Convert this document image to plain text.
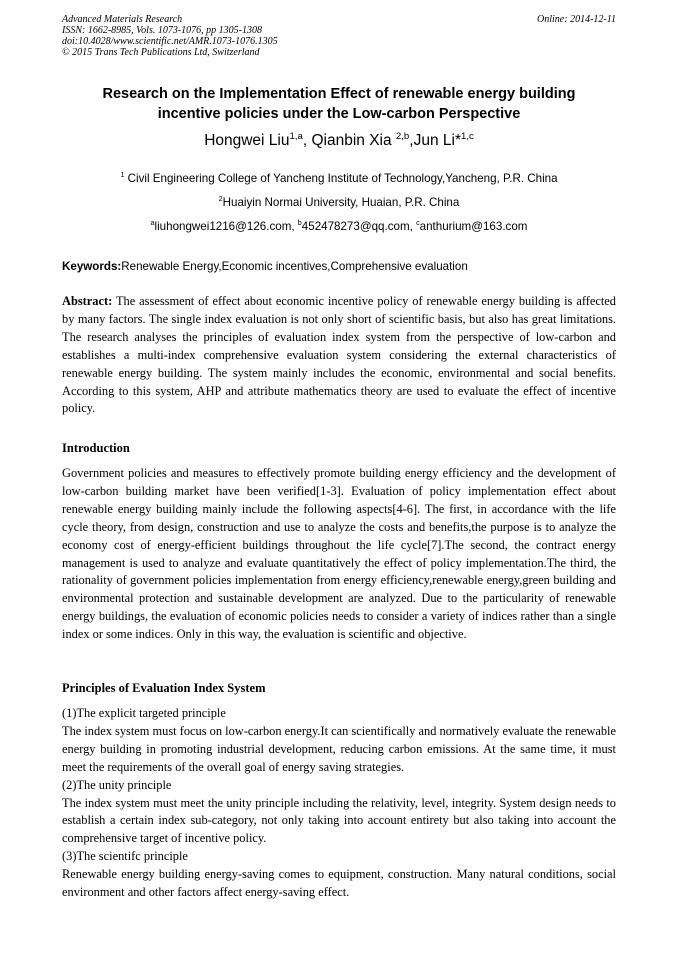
Advanced Materials Research
ISSN: 1662-8985, Vols. 1073-1076, pp 1305-1308
doi:10.4028/www.scientific.net/AMR.1073-1076.1305
© 2015 Trans Tech Publications Ltd, Switzerland
Online: 2014-12-11
Research on the Implementation Effect of renewable energy building
incentive policies under the Low-carbon Perspective
Hongwei Liu$^{1,a}$, Qianbin Xia $^{2,b}$,Jun Li*$^{1,c}$
$^1$ Civil Engineering College of Yancheng Institute of Technology,Yancheng, P.R. China
$^2$Huaiyin Normai University, Huaian, P.R. China
$^a$liuhongwei1216@126.com, $^b$452478273@qq.com, $^c$anthurium@163.com
Keywords:Renewable Energy,Economic incentives,Comprehensive evaluation

Abstract: The assessment of effect about economic incentive policy of renewable energy building is affected by many factors. The single index evaluation is not only short of scientific basis, but also has great limitations. The research analyses the principles of evaluation index system from the perspective of low-carbon and establishes a multi-index comprehensive evaluation system considering the external characteristics of renewable energy building. The system mainly includes the economic, environmental and social benefits. According to this system, AHP and attribute mathematics theory are used to evaluate the effect of incentive policy.

Introduction

Government policies and measures to effectively promote building energy efficiency and the development of low-carbon building market have been verified[1-3]. Evaluation of policy implementation effect about renewable energy building mainly include the following aspects[4-6]. The first, in accordance with the life cycle theory, from design, construction and use to analyze the costs and benefits,the purpose is to analyze the economy cost of energy-efficient buildings throughout the life cycle[7].The second, the contract energy management is used to analyze and evaluate quantitatively the effect of policy implementation.The third, the rationality of government policies implementation from energy efficiency,renewable energy,green building and environmental protection and sustainable development are analyzed. Due to the particularity of renewable energy buildings, the evaluation of economic policies needs to consider a variety of indices rather than a single index or some indices. Only in this way, the evaluation is scientific and objective.

Principles of Evaluation Index System

(1)The explicit targeted principle

The index system must focus on low-carbon energy.It can scientifically and normatively evaluate the renewable energy building in promoting industrial development, reducing carbon emissions. At the same time, it must meet the requirements of the overall goal of energy saving strategies.

(2)The unity principle

The index system must meet the unity principle including the relativity, level, integrity. System design needs to establish a certain index sub-category, not only taking into account entirety but also taking into account the comprehensive target of incentive policy.

(3)The scientifc principle

Renewable energy building energy-saving comes to equipment, construction. Many natural conditions, social environment and other factors affect energy-saving effect.
